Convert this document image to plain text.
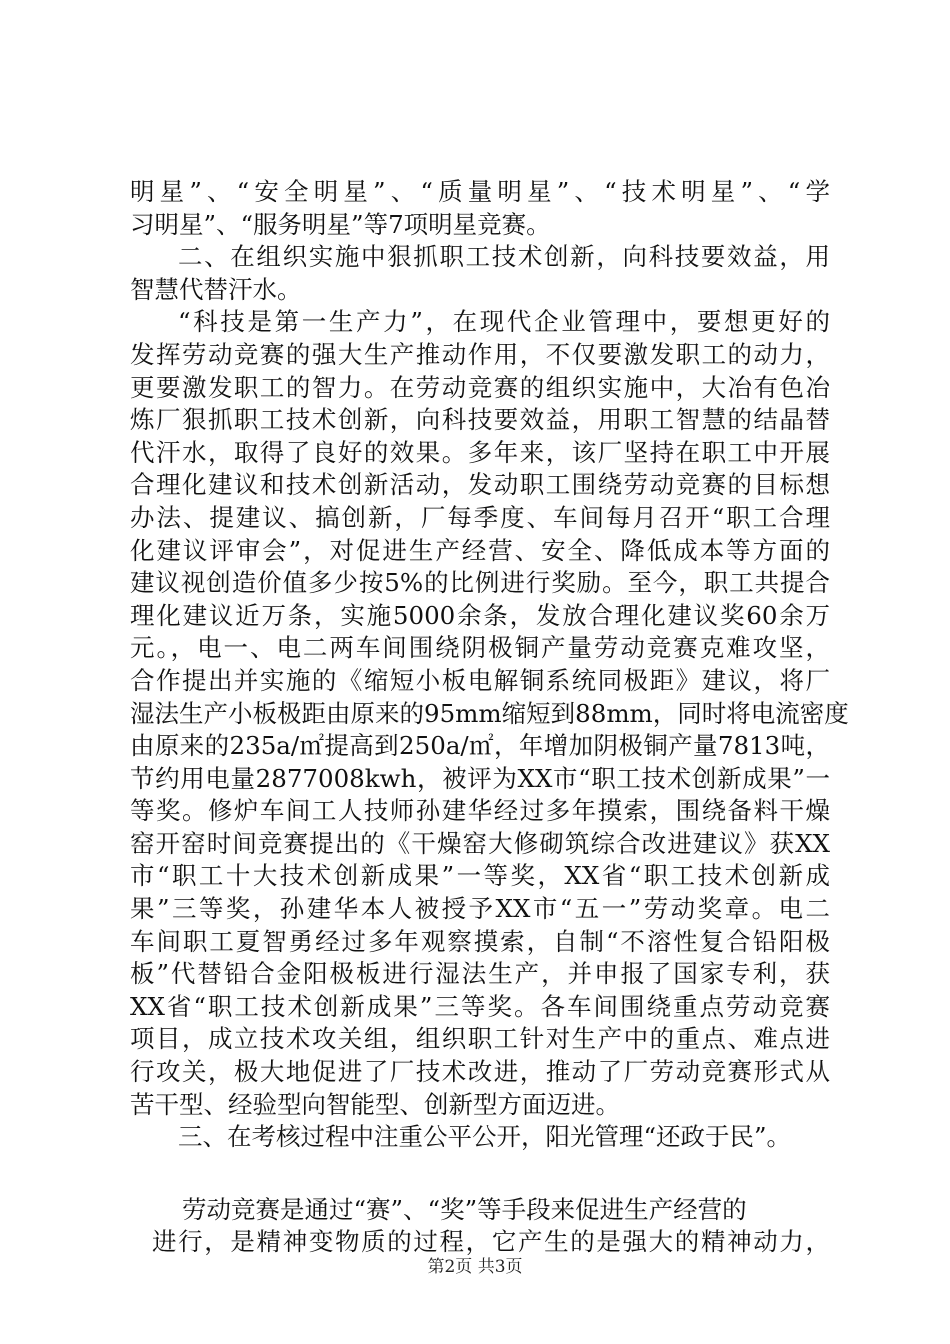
明星”、“安全明星”、“质量明星”、“技术明星”、“学
习明星”、“服务明星”等7项明星竞赛。
二、在组织实施中狠抓职工技术创新，向科技要效益，用
智慧代替汗水。
“科技是第一生产力”，在现代企业管理中，要想更好的
发挥劳动竞赛的强大生产推动作用，不仅要激发职工的动力，
更要激发职工的智力。在劳动竞赛的组织实施中，大冶有色冶
炼厂狠抓职工技术创新，向科技要效益，用职工智慧的结晶替
代汗水，取得了良好的效果。多年来，该厂坚持在职工中开展
合理化建议和技术创新活动，发动职工围绕劳动竞赛的目标想
办法、提建议、搞创新，厂每季度、车间每月召开“职工合理
化建议评审会”，对促进生产经营、安全、降低成本等方面的
建议视创造价值多少按5%的比例进行奖励。至今，职工共提合
理化建议近万条，实施5000余条，发放合理化建议奖60余万
元。，电一、电二两车间围绕阴极铜产量劳动竞赛克难攻坚，
合作提出并实施的《缩短小板电解铜系统同极距》建议，将厂
湿法生产小板极距由原来的95mm缩短到88mm，同时将电流密度
由原来的235a/㎡提高到250a/㎡，年增加阴极铜产量7813吨，
节约用电量2877008kwh，被评为XX市“职工技术创新成果”一
等奖。修炉车间工人技师孙建华经过多年摸索，围绕备料干燥
窑开窑时间竞赛提出的《干燥窑大修砌筑综合改进建议》获XX
市“职工十大技术创新成果”一等奖，XX省“职工技术创新成
果”三等奖，孙建华本人被授予XX市“五一”劳动奖章。电二
车间职工夏智勇经过多年观察摸索，自制“不溶性复合铅阳极
板”代替铅合金阳极板进行湿法生产，并申报了国家专利，获
XX省“职工技术创新成果”三等奖。各车间围绕重点劳动竞赛
项目，成立技术攻关组，组织职工针对生产中的重点、难点进
行攻关，极大地促进了厂技术改进，推动了厂劳动竞赛形式从
苦干型、经验型向智能型、创新型方面迈进。
三、在考核过程中注重公平公开，阳光管理“还政于民”。
劳动竞赛是通过“赛”、“奖”等手段来促进生产经营的
进行，是精神变物质的过程，它产生的是强大的精神动力，
第2页 共3页
